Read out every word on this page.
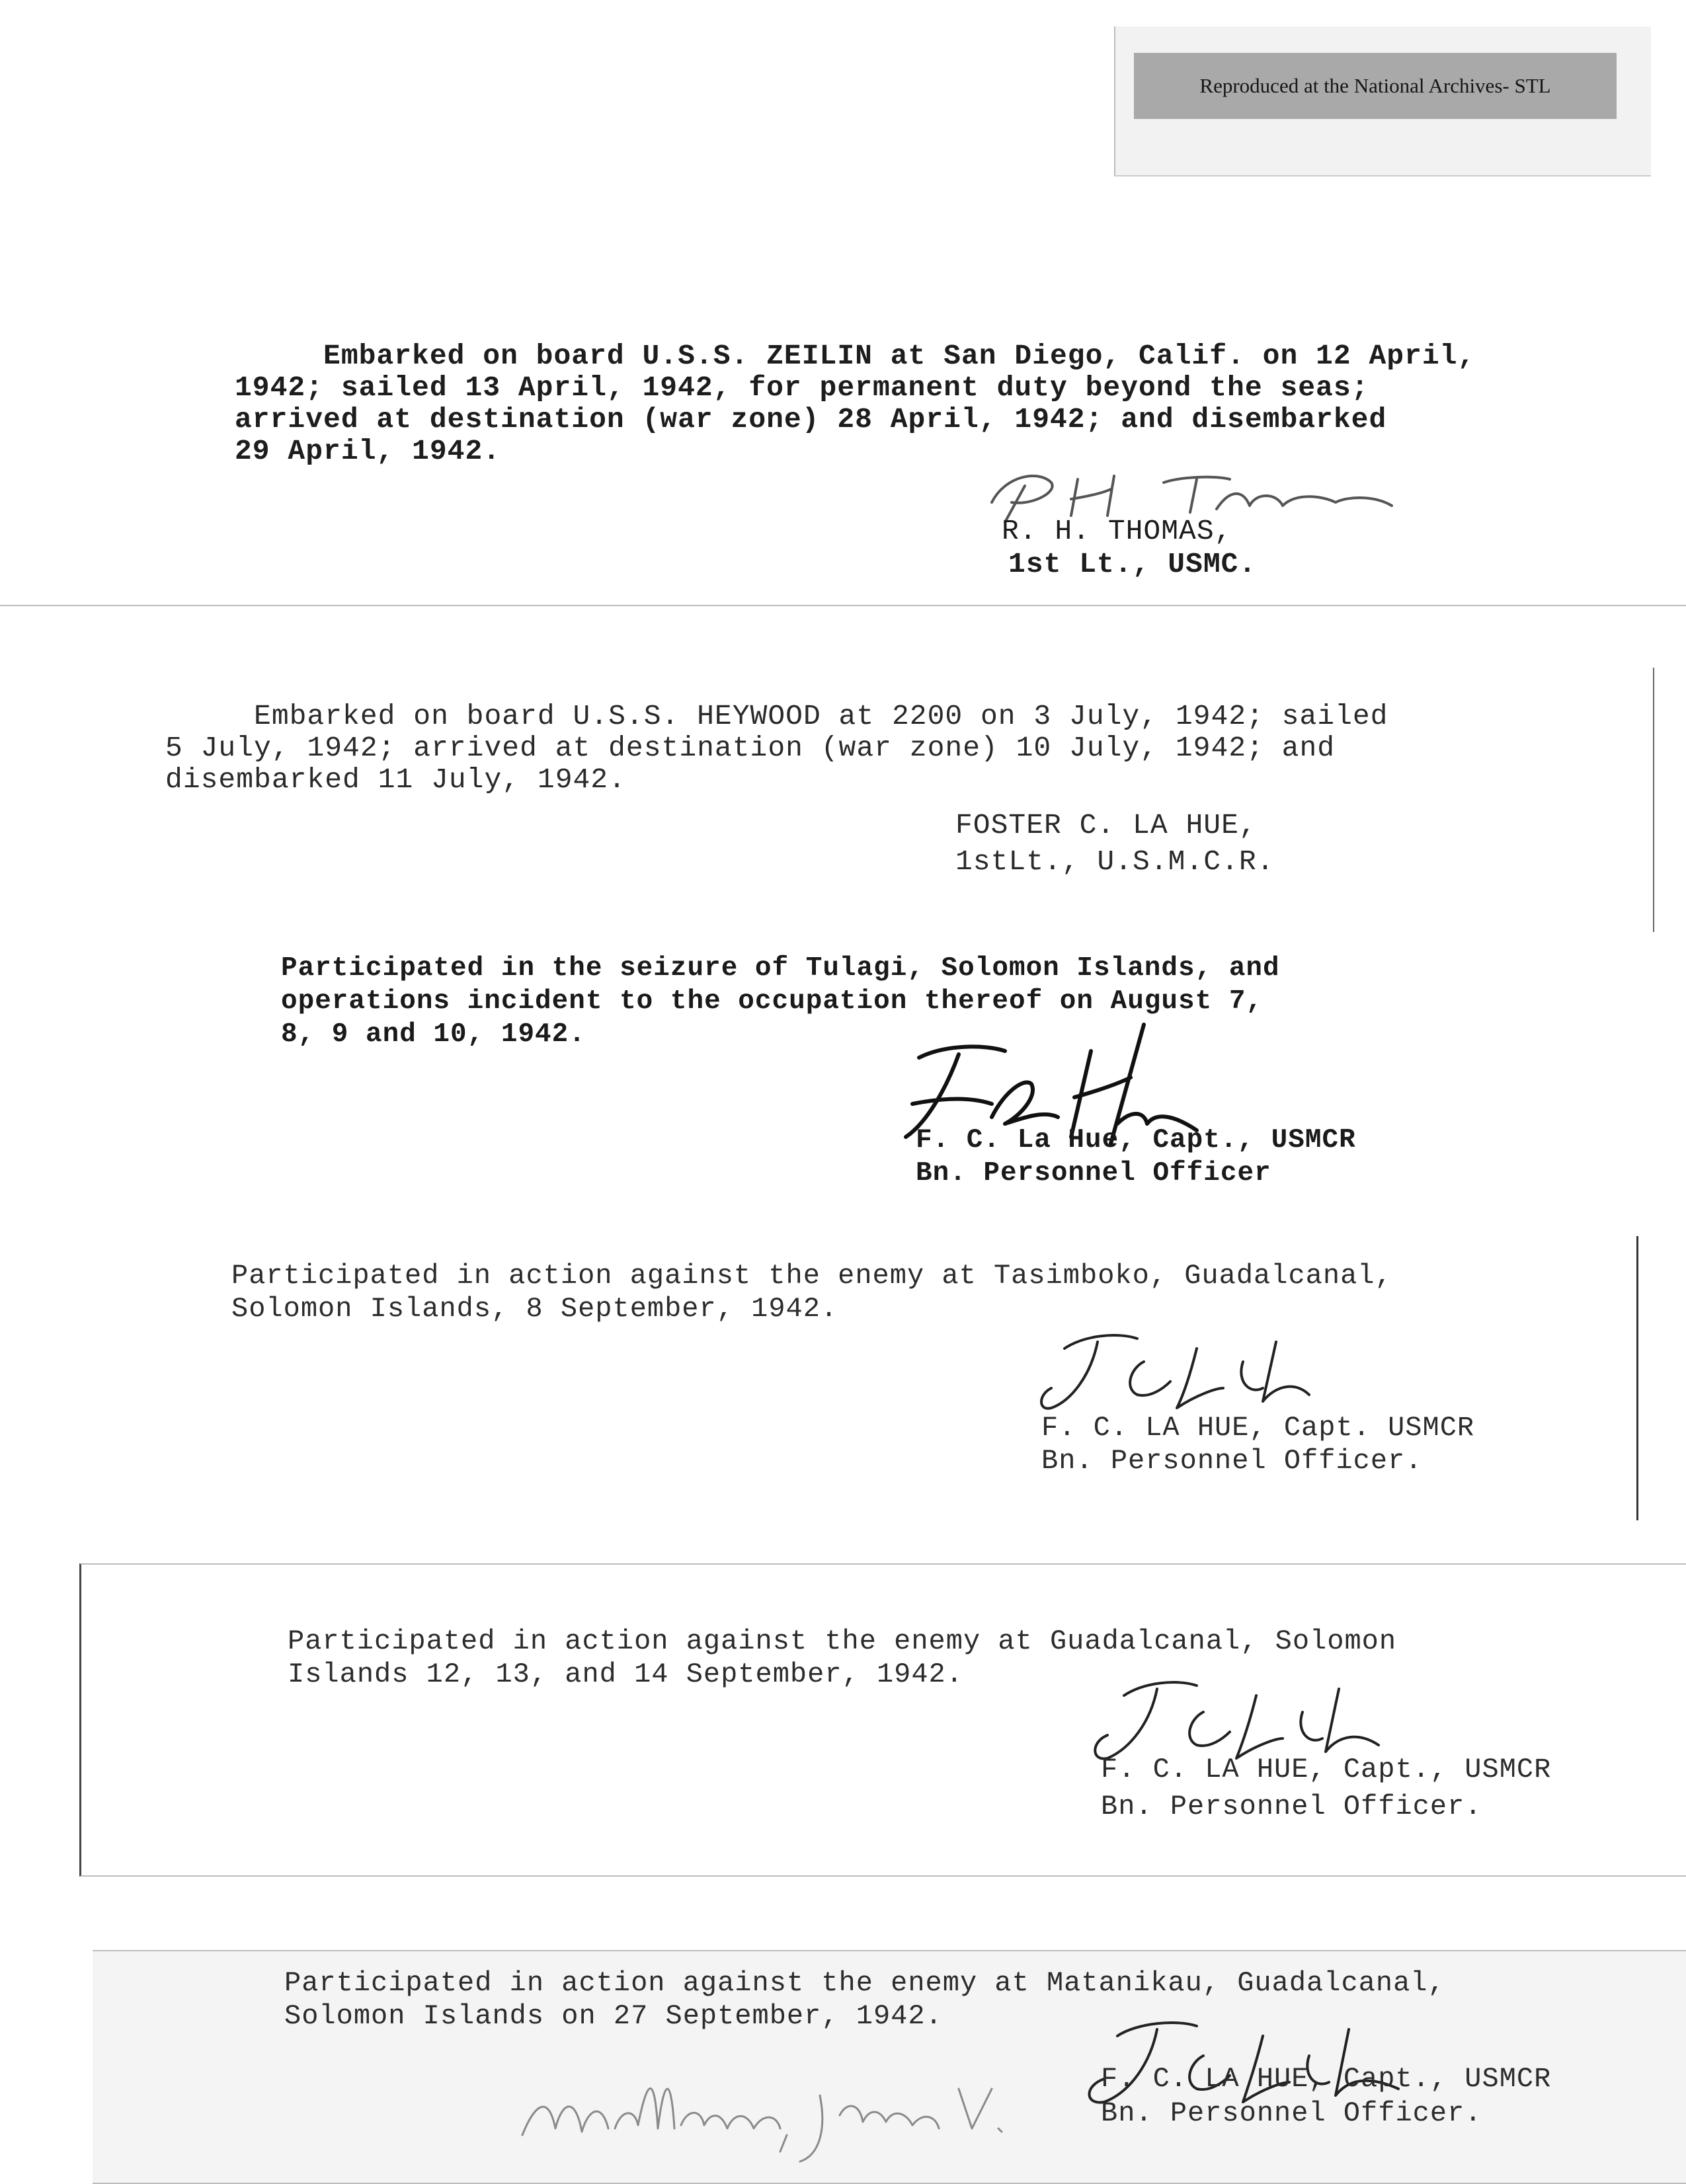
Reproduced at the National Archives- STL
Embarked on board U.S.S. ZEILIN at San Diego, Calif. on 12 April,
1942; sailed 13 April, 1942, for permanent duty beyond the seas;
arrived at destination (war zone) 28 April, 1942; and disembarked
29 April, 1942.
R. H. THOMAS,
1st Lt., USMC.
Embarked on board U.S.S. HEYWOOD at 2200 on 3 July, 1942; sailed
5 July, 1942; arrived at destination (war zone) 10 July, 1942; and
disembarked 11 July, 1942.
FOSTER C. LA HUE,
1stLt., U.S.M.C.R.
Participated in the seizure of Tulagi, Solomon Islands, and
operations incident to the occupation thereof on August 7,
8, 9 and 10, 1942.
F. C. La Hue, Capt., USMCR
Bn. Personnel Officer
Participated in action against the enemy at Tasimboko, Guadalcanal,
Solomon Islands, 8 September, 1942.
F. C. LA HUE, Capt. USMCR
Bn. Personnel Officer.
Participated in action against the enemy at Guadalcanal, Solomon
Islands 12, 13, and 14 September, 1942.
F. C. LA HUE, Capt., USMCR
Bn. Personnel Officer.
Participated in action against the enemy at Matanikau, Guadalcanal,
Solomon Islands on 27 September, 1942.
F. C. LA HUE, Capt., USMCR
Bn. Personnel Officer.
